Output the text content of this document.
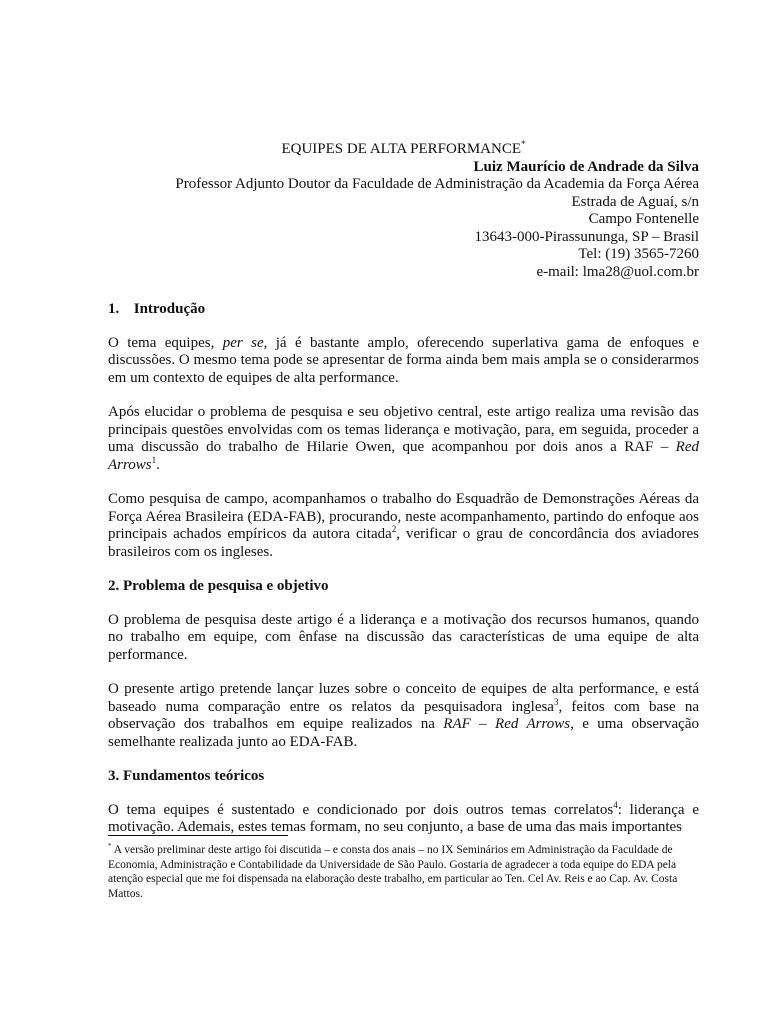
EQUIPES DE ALTA PERFORMANCE*

Luiz Maurício de Andrade da Silva

Professor Adjunto Doutor da Faculdade de Administração da Academia da Força Aérea

Estrada de Aguaí, s/n

Campo Fontenelle

13643-000-Pirassununga, SP – Brasil

Tel: (19) 3565-7260

e-mail: lma28@uol.com.br

1. Introdução

O tema equipes, per se, já é bastante amplo, oferecendo superlativa gama de enfoques e discussões. O mesmo tema pode se apresentar de forma ainda bem mais ampla se o considerarmos em um contexto de equipes de alta performance.

Após elucidar o problema de pesquisa e seu objetivo central, este artigo realiza uma revisão das principais questões envolvidas com os temas liderança e motivação, para, em seguida, proceder a uma discussão do trabalho de Hilarie Owen, que acompanhou por dois anos a RAF – Red Arrows$^1$.

Como pesquisa de campo, acompanhamos o trabalho do Esquadrão de Demonstrações Aéreas da Força Aérea Brasileira (EDA-FAB), procurando, neste acompanhamento, partindo do enfoque aos principais achados empíricos da autora citada$^2$, verificar o grau de concordância dos aviadores brasileiros com os ingleses.

2. Problema de pesquisa e objetivo

O problema de pesquisa deste artigo é a liderança e a motivação dos recursos humanos, quando no trabalho em equipe, com ênfase na discussão das características de uma equipe de alta performance.

O presente artigo pretende lançar luzes sobre o conceito de equipes de alta performance, e está baseado numa comparação entre os relatos da pesquisadora inglesa$^3$, feitos com base na observação dos trabalhos em equipe realizados na RAF – Red Arrows, e uma observação semelhante realizada junto ao EDA-FAB.

3. Fundamentos teóricos

O tema equipes é sustentado e condicionado por dois outros temas correlatos$^4$: liderança e motivação. Ademais, estes temas formam, no seu conjunto, a base de uma das mais importantes

* A versão preliminar deste artigo foi discutida – e consta dos anais – no IX Seminários em Administração da Faculdade de Economia, Administração e Contabilidade da Universidade de São Paulo. Gostaria de agradecer a toda equipe do EDA pela atenção especial que me foi dispensada na elaboração deste trabalho, em particular ao Ten. Cel Av. Reis e ao Cap. Av. Costa Mattos.
